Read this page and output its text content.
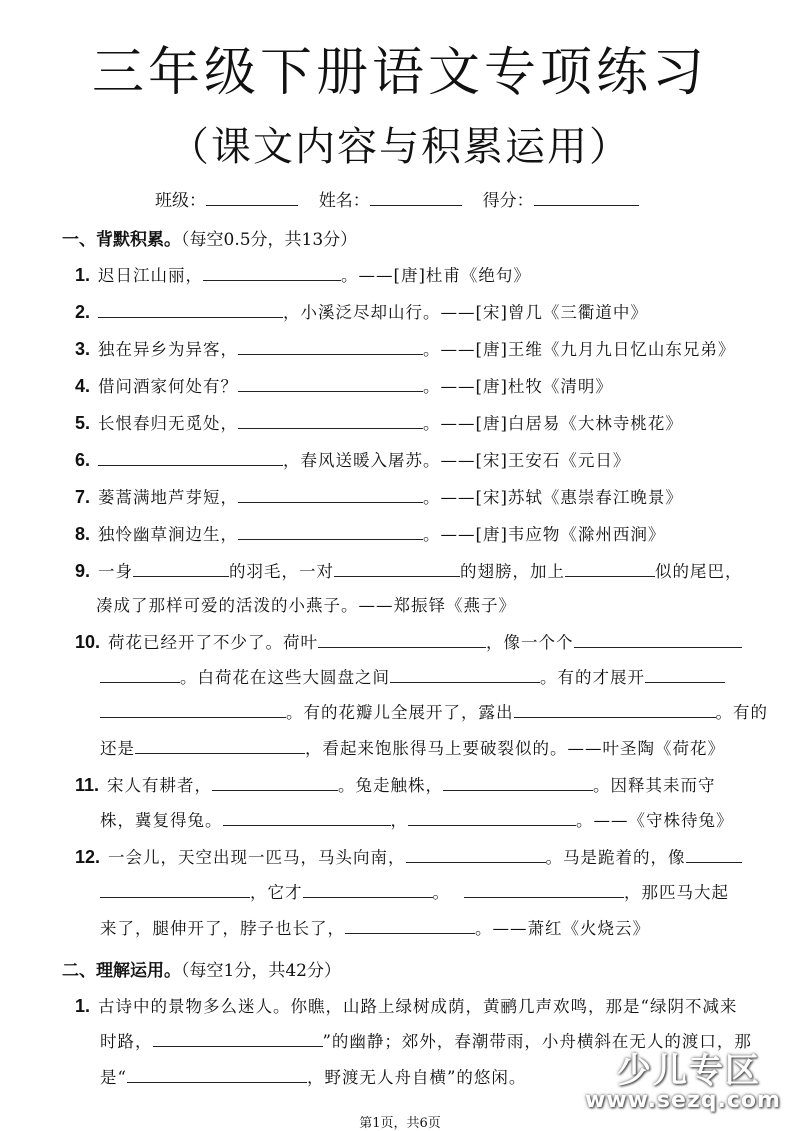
三年级下册语文专项练习
（课文内容与积累运用）
班级：	姓名：	得分：
一、背默积累。（每空0.5分，共13分）
1. 迟日江山丽，	。——[唐]杜甫《绝句》
2.	，小溪泛尽却山行。——[宋]曾几《三衢道中》
3. 独在异乡为异客，	。——[唐]王维《九月九日忆山东兄弟》
4. 借问酒家何处有？	。——[唐]杜牧《清明》
5. 长恨春归无觅处，	。——[唐]白居易《大林寺桃花》
6.	，春风送暖入屠苏。——[宋]王安石《元日》
7. 蒌蒿满地芦芽短，	。——[宋]苏轼《惠崇春江晚景》
8. 独怜幽草涧边生，	。——[唐]韦应物《滁州西涧》
9. 一身	的羽毛，一对	的翅膀，加上	似的尾巴，
凑成了那样可爱的活泼的小燕子。——郑振铎《燕子》
10. 荷花已经开了不少了。荷叶	，像一个个
。白荷花在这些大圆盘之间	。有的才展开
。有的花瓣儿全展开了，露出	。有的
还是	，看起来饱胀得马上要破裂似的。——叶圣陶《荷花》
11. 宋人有耕者，	。兔走触株，	。因释其耒而守
株，冀复得兔。	，	。——《守株待兔》
12. 一会儿，天空出现一匹马，马头向南，	。马是跪着的，像
，它才	。	，那匹马大起
来了，腿伸开了，脖子也长了，	。——萧红《火烧云》
二、理解运用。（每空1分，共42分）
1. 古诗中的景物多么迷人。你瞧，山路上绿树成荫，黄鹂几声欢鸣，那是“绿阴不减来
时路，	”的幽静；郊外，春潮带雨，小舟横斜在无人的渡口，那
是“	，野渡无人舟自横”的悠闲。	少儿专区
www.sezq.com
第1页，共6页
